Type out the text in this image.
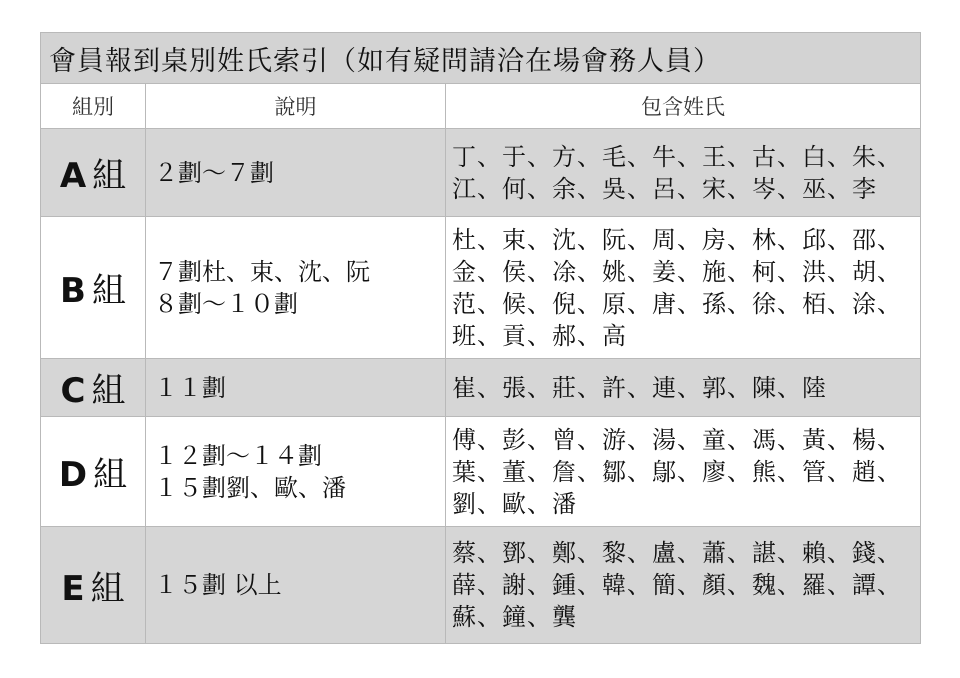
會員報到桌別姓氏索引（如有疑問請洽在場會務人員）		
組別	說明	包含姓氏
A 組	２劃～７劃	丁、于、方、毛、牛、王、古、白、朱、
江、何、余、吳、呂、宋、岑、巫、李

B 組	７劃杜、束、沈、阮
８劃～１０劃	杜、束、沈、阮、周、房、林、邱、邵、
金、侯、凃、姚、姜、施、柯、洪、胡、
范、候、倪、原、唐、孫、徐、栢、涂、
班、貢、郝、高

C 組	１１劃	崔、張、莊、許、連、郭、陳、陸

D 組	１２劃～１４劃
１５劃劉、歐、潘	傅、彭、曾、游、湯、童、馮、黃、楊、
葉、董、詹、鄒、鄔、廖、熊、管、趙、
劉、歐、潘

E 組	１５劃 以上	蔡、鄧、鄭、黎、盧、蕭、諶、賴、錢、
薛、謝、鍾、韓、簡、顏、魏、羅、譚、
蘇、鐘、龔
